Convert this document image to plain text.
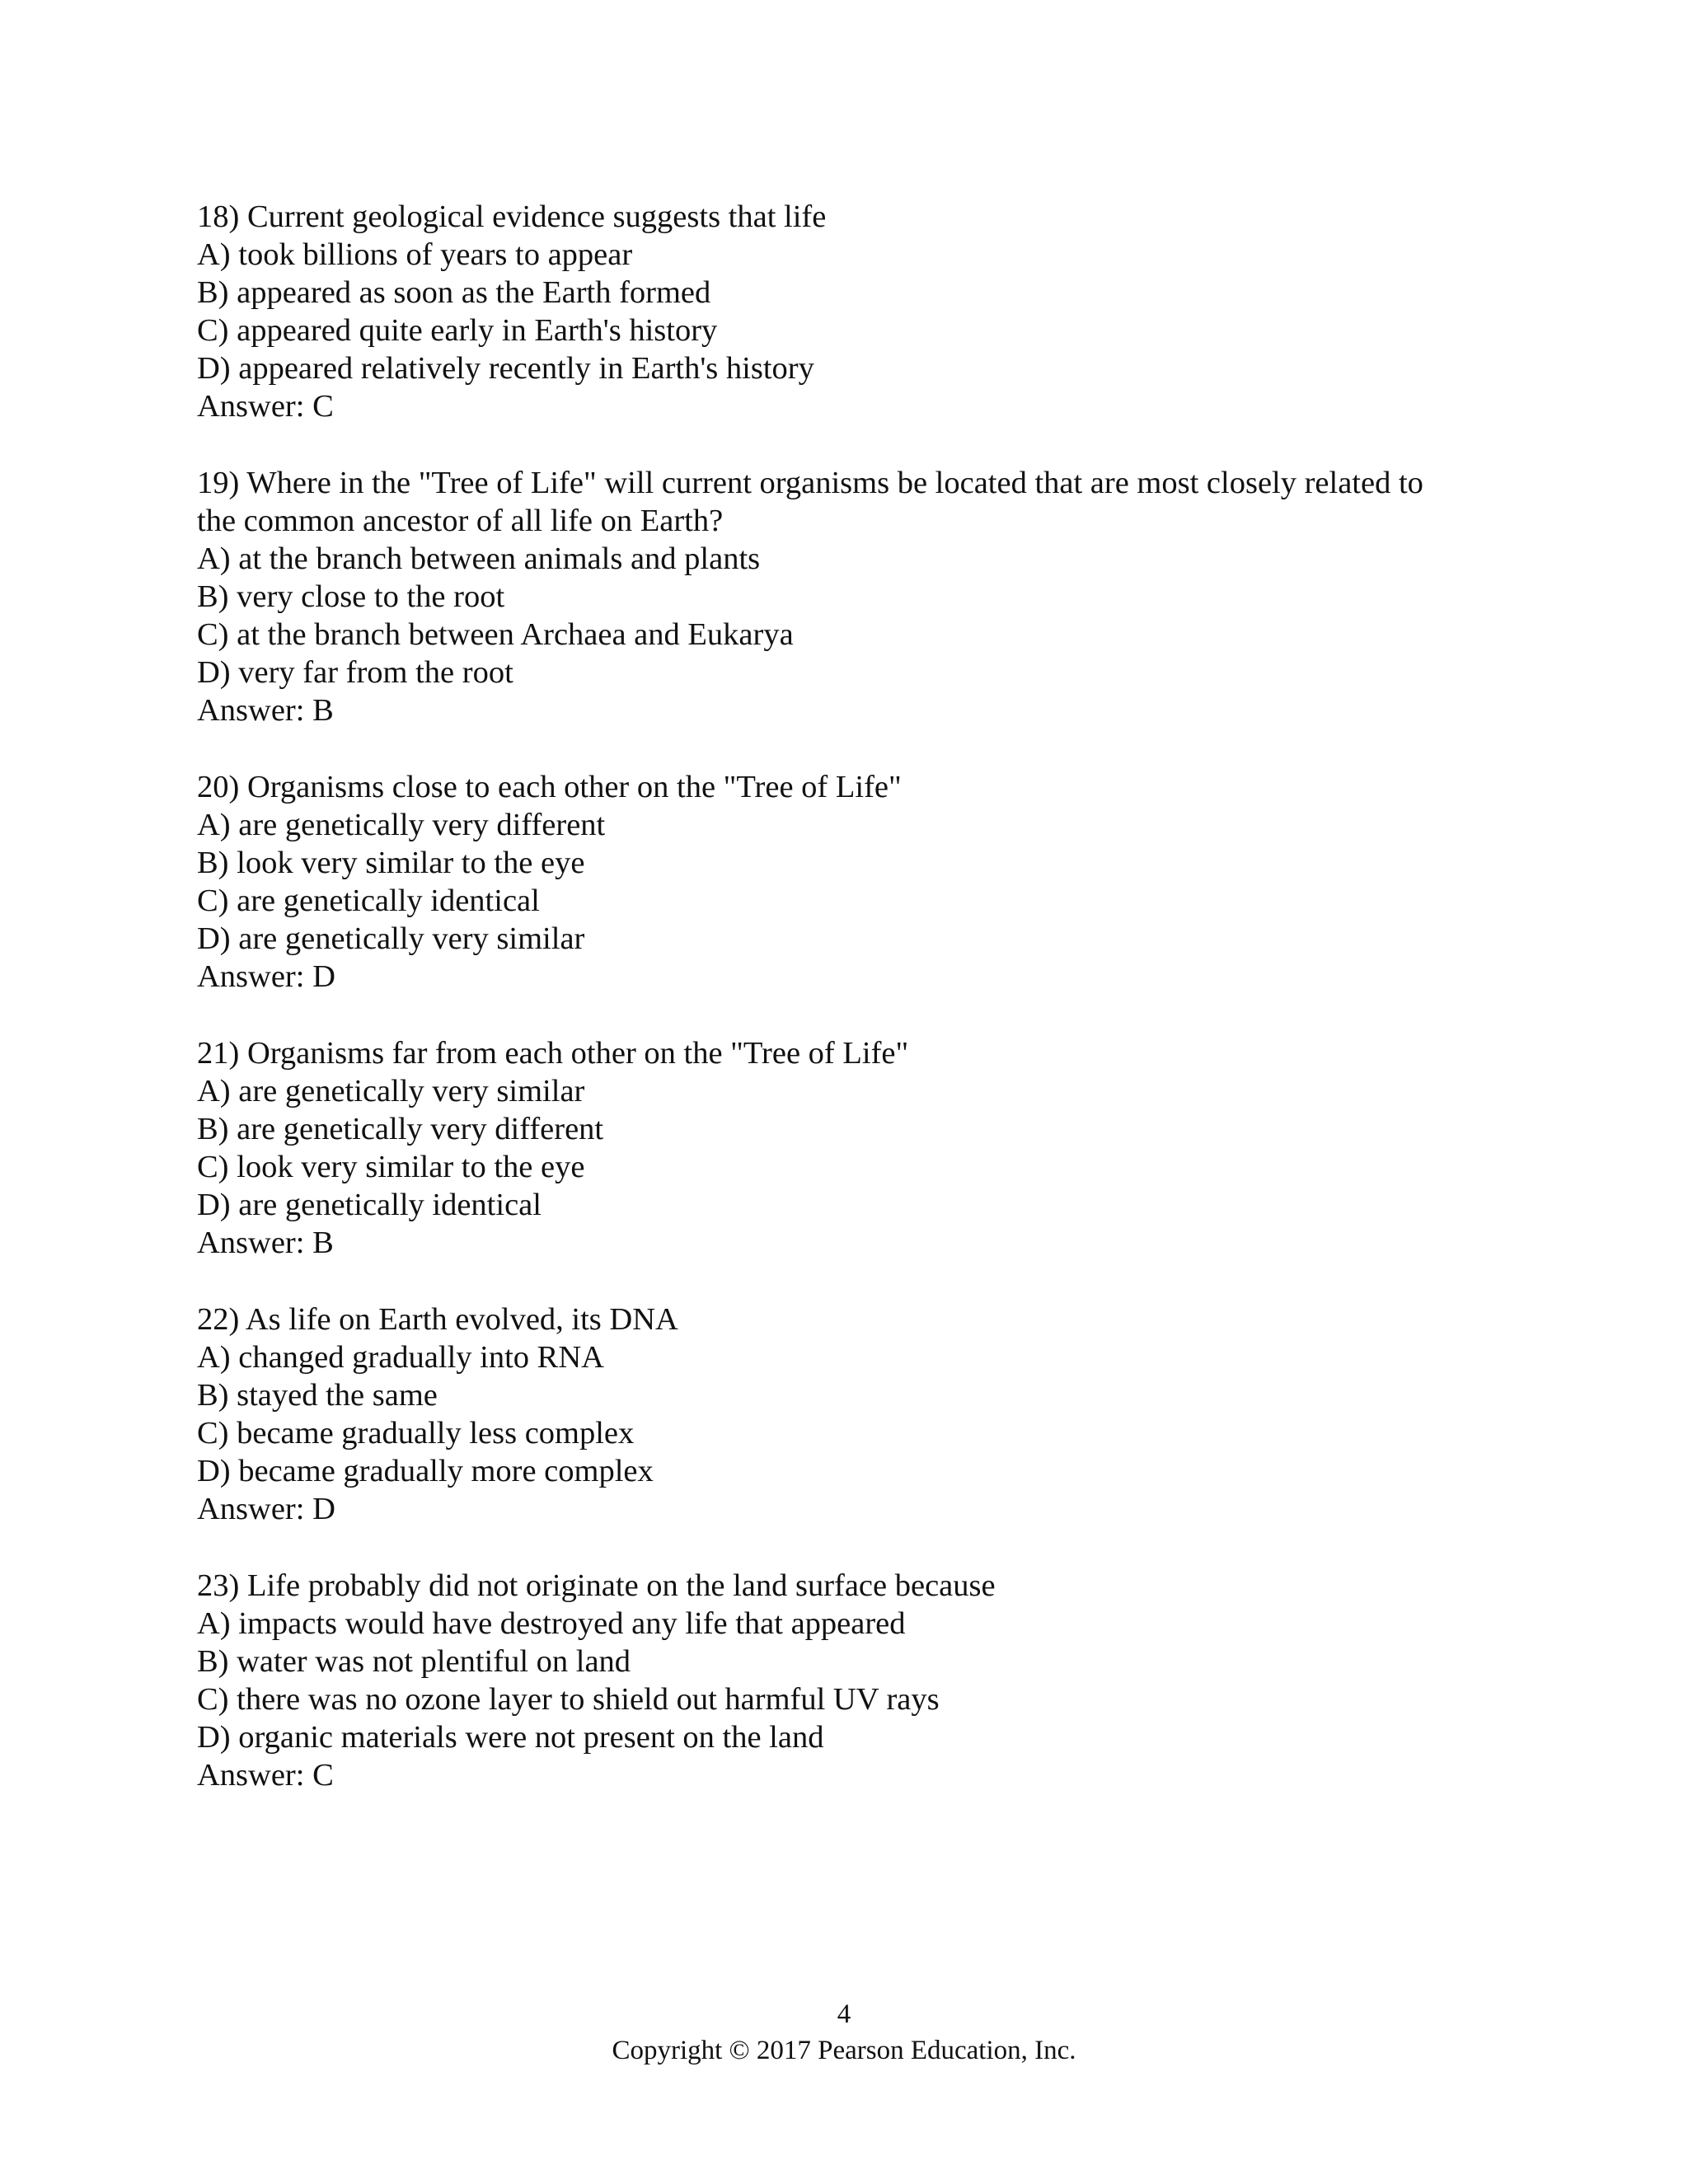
18) Current geological evidence suggests that life

A) took billions of years to appear

B) appeared as soon as the Earth formed

C) appeared quite early in Earth's history

D) appeared relatively recently in Earth's history

Answer: C

19) Where in the "Tree of Life" will current organisms be located that are most closely related to

the common ancestor of all life on Earth?

A) at the branch between animals and plants

B) very close to the root

C) at the branch between Archaea and Eukarya

D) very far from the root

Answer: B

20) Organisms close to each other on the "Tree of Life"

A) are genetically very different

B) look very similar to the eye

C) are genetically identical

D) are genetically very similar

Answer: D

21) Organisms far from each other on the "Tree of Life"

A) are genetically very similar

B) are genetically very different

C) look very similar to the eye

D) are genetically identical

Answer: B

22) As life on Earth evolved, its DNA

A) changed gradually into RNA

B) stayed the same

C) became gradually less complex

D) became gradually more complex

Answer: D

23) Life probably did not originate on the land surface because

A) impacts would have destroyed any life that appeared

B) water was not plentiful on land

C) there was no ozone layer to shield out harmful UV rays

D) organic materials were not present on the land

Answer: C

4
Copyright © 2017 Pearson Education, Inc.
